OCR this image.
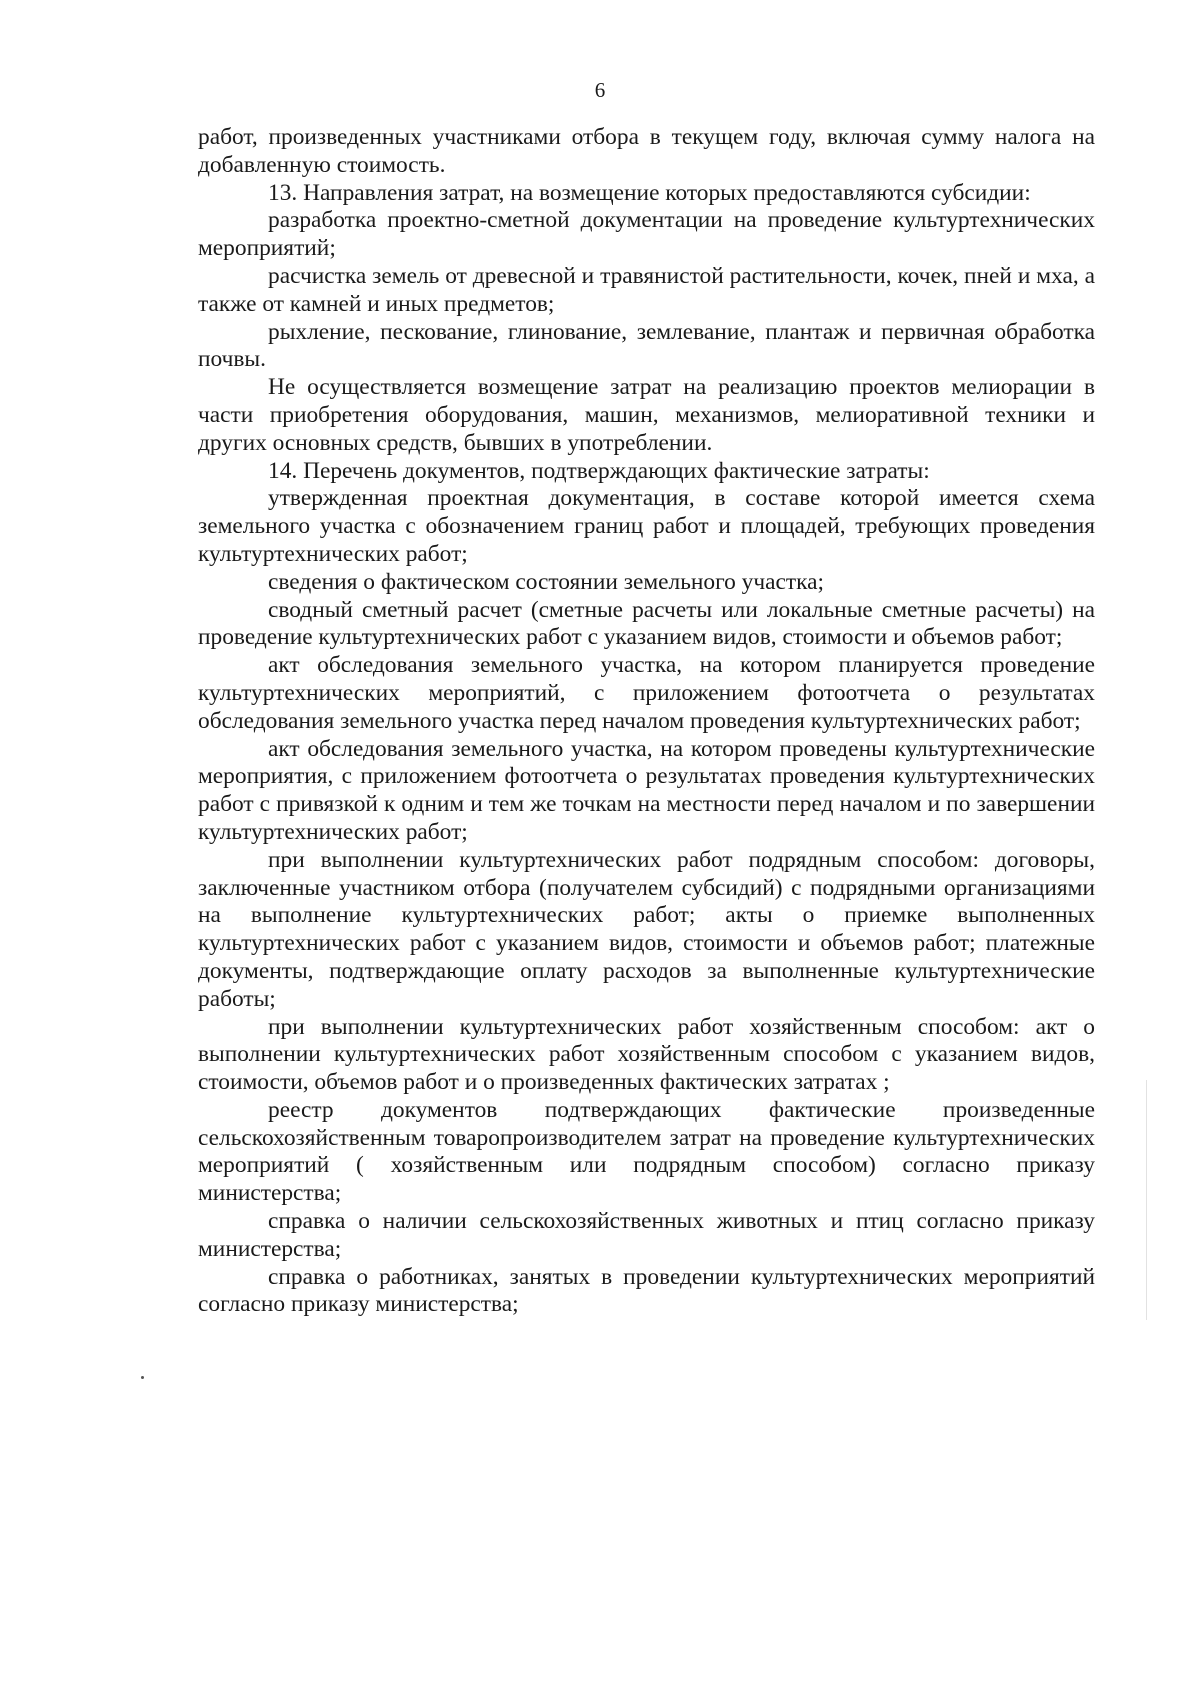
6

работ, произведенных участниками отбора в текущем году, включая сумму налога на добавленную стоимость.

13. Направления затрат, на возмещение которых предоставляются субсидии:

разработка проектно-сметной документации на проведение культуртехнических мероприятий;

расчистка земель от древесной и травянистой растительности, кочек, пней и мха, а также от камней и иных предметов;

рыхление, пескование, глинование, землевание, плантаж и первичная обработка почвы.

Не осуществляется возмещение затрат на реализацию проектов мелиорации в части приобретения оборудования, машин, механизмов, мелиоративной техники и других основных средств, бывших в употреблении.

14. Перечень документов, подтверждающих фактические затраты:

утвержденная проектная документация, в составе которой имеется схема земельного участка с обозначением границ работ и площадей, требующих проведения культуртехнических работ;

сведения о фактическом состоянии земельного участка;

сводный сметный расчет (сметные расчеты или локальные сметные расчеты) на проведение культуртехнических работ с указанием видов, стоимости и объемов работ;

акт обследования земельного участка, на котором планируется проведение культуртехнических мероприятий, с приложением фотоотчета о результатах обследования земельного участка перед началом проведения культуртехнических работ;

акт обследования земельного участка, на котором проведены культуртехнические мероприятия, с приложением фотоотчета о результатах проведения культуртехнических работ с привязкой к одним и тем же точкам на местности перед началом и по завершении культуртехнических работ;

при выполнении культуртехнических работ подрядным способом: договоры, заключенные участником отбора (получателем субсидий) с подрядными организациями на выполнение культуртехнических работ; акты о приемке выполненных культуртехнических работ с указанием видов, стоимости и объемов работ; платежные документы, подтверждающие оплату расходов за выполненные культуртехнические работы;

при выполнении культуртехнических работ хозяйственным способом: акт о выполнении культуртехнических работ хозяйственным способом с указанием видов, стоимости, объемов работ и о произведенных фактических затратах ;

реестр документов подтверждающих фактические произведенные сельскохозяйственным товаропроизводителем затрат на проведение культуртехнических мероприятий ( хозяйственным или подрядным способом) согласно приказу министерства;

справка о наличии сельскохозяйственных животных и птиц согласно приказу министерства;

справка о работниках, занятых в проведении культуртехнических мероприятий согласно приказу министерства;
